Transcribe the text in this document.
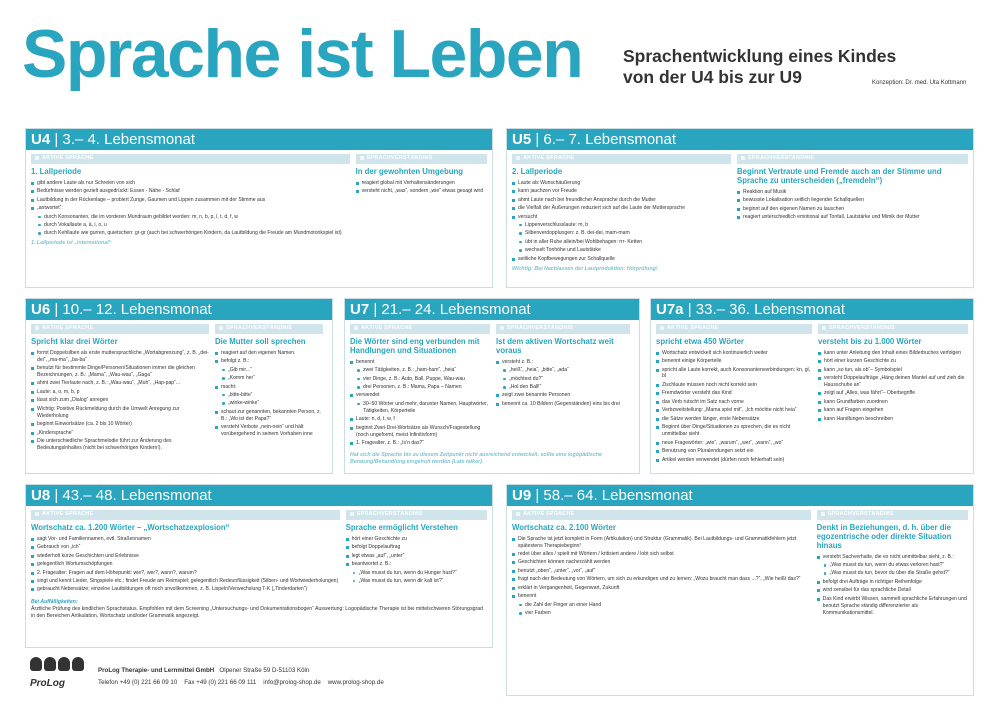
Sprache ist Leben Sprachentwicklung eines Kindes
von der U4 bis zur U9	Konzeption: Dr. med. Uta Kottmann
U4 | 3.– 4. Lebensmonat
AKTIVE SPRACHE
1. Lallperiode
gibt andere Laute als nur Schreien von sich
Bedürfnisse werden gezielt ausgedrückt: Essen - Nähe - Schlaf
Lautbildung in der Rückenlage – probiert Zunge, Gaumen und Lippen zusammen mit der Stimme aus
„antwortet“:
durch Konsonanten, die im vorderen Mundraum gebildet werden: m, n, b, p, l, t, d, f, w
durch Vokallaute a, ä, i, o, u
durch Kehllaute wie gurren, quietschen: gr-gr (auch bei schwerhörigen Kindern, da Lautbildung die Freude am Mundmotorikspiel ist)
1. Lallperiode ist „international“
SPRACHVERSTÄNDNIS
In der gewohnten Umgebung
reagiert global mit Verhaltensänderungen
versteht nicht, „was“, sondern „wie“ etwas gesagt wird
U5 | 6.– 7. Lebensmonat
AKTIVE SPRACHE
2. Lallperiode
Laute als Wunschäußerung
kann jauchzen vor Freude
ahmt Laute nach bei freundlicher Ansprache durch die Mutter
die Vielfalt der Äußerungen reduziert sich auf die Laute der Muttersprache
versucht
Lippenverschlusslaute: m, b
Silbenverdopplungen: z. B. dei-dei, mam-mam
übt in aller Ruhe allein/bei Wohlbehagen: rrr- Ketten
wechselt Tonhöhe und Lautstärke
seitliche Kopfbewegungen zur Schallquelle
Wichtig: Bei Nachlassen der Lautproduktion: Hörprüfung!
SPRACHVERSTÄNDNIS
Beginnt Vertraute und Fremde auch an der Stimme und Sprache zu unterscheiden („fremdeln“)
Reaktion auf Musik
bewusste Lokalisation seitlich liegender Schallquellen
beginnt auf den eigenen Namen zu lauschen
reagiert unterschiedlich emotional auf Tonfall, Lautstärke und Mimik der Mutter
U6 | 10.– 12. Lebensmonat
AKTIVE SPRACHE
Spricht klar drei Wörter
formt Doppelsilben als erste muttersprachliche „Wortabgrenzung“, z. B. „dei-dei“, „ma-ma“, „ba-ba“
benutzt für bestimmte Dinge/Personen/Situationen immer die gleichen Bezeichnungen, z. B.: „Mama“, „Wau-wau“, „Gaga“
ahmt zwei Tierlaute nach, z. B.: „Wau-wau“, „Muh“, „Hap-pap“...
Laute: a, o, m, b, p
lässt sich zum „Dialog“ anregen
Wichtig: Positive Rückmeldung durch die Umwelt Anregung zur Wiederholung
beginnt Einwortsätze (ca. 2 bis 10 Wörter)
„Kindersprache“
Die unterschiedliche Sprachmelodie führt zur Änderung des Bedeutungsinhaltes (nicht bei schwerhörigen Kindern!).
SPRACHVERSTÄNDNIS
Die Mutter soll sprechen
reagiert auf den eigenen Namen.
befolgt z. B.:
„Gib mir...“
„Komm her“
macht:
„bitte-bitte“
„winke-winke“
schaut zur genannten, bekannten Person, z. B.: „Wo ist der Papa?“
versteht Verbote „nein-nein“ und hält vorübergehend in seinem Vorhaben inne
U7 | 21.– 24. Lebensmonat
AKTIVE SPRACHE
Die Wörter sind eng verbunden mit Handlungen und Situationen
benennt
zwei Tätigkeiten, z. B.: „ham-ham“, „heia“
vier Dinge, z. B.: Auto, Ball, Puppe, Wau-wau
drei Personen, z. B.: Mama, Papa – Namen
verwendet
30–50 Wörter und mehr, darunter Namen, Hauptwörter, Tätigkeiten, Körperteile
Laute: n, d, t, w, f
beginnt Zwei-Drei-Wortsätze als Wunsch/Fragestellung (noch ungeformt, meist Infinitivform)
1. Fragealter, z. B.: „Is'n das?“
SPRACHVERSTÄNDNIS
Ist dem aktiven Wortschatz weit voraus
versteht z. B.:
„heiß“, „heia“, „bitte“, „ada“
„möchtest du?“
„Hol den Ball!“
zeigt zwei benannte Personen
benennt ca. 10 Bildern (Gegenständen) eins bis drei
Hat sich die Sprache bis zu diesem Zeitpunkt nicht ausreichend entwickelt, sollte eine logopädische Beratung/Behandlung eingeholt werden (Late talker).
U7a | 33.– 36. Lebensmonat
AKTIVE SPRACHE
spricht etwa 450 Wörter
Wortschatz entwickelt sich kontinuierlich weiter
benennt einige Körperteile
spricht alle Laute korrekt, auch Konsonantenverbindungen: kn, gl, bl
Zischlaute müssen noch nicht korrekt sein
Fremdwörter versteht das Kind
das Verb rutscht im Satz nach vorne
Verbzweitstellung: „Mama spiel mit“, „Ich möchte nicht heia“
die Sätze werden länger, erste Nebensätze
Beginnt über Dinge/Situationen zu sprechen, die es nicht unmittelbar sieht
neue Fragewörter: „wie“, „warum“, „wer“, „wann“, „wo“
Benutzung von Pluralendungen setzt ein
Artikel werden verwendet (dürfen noch fehlerhaft sein)
SPRACHVERSTÄNDNIS
versteht bis zu 1.000 Wörter
kann unter Anleitung den Inhalt eines Bilderbuches verfolgen
hört einer kurzen Geschichte zu
kann „so tun, als ob“– Symbolspiel
versteht Doppelaufträge „Häng deinen Mantel auf und zieh die Hausschuhe an“
zeigt auf „Alles, was fährt“– Oberbegriffe
kann Grundfarben zuordnen
kann auf Fragen eingehen
kann Handlungen beschreiben
U8 | 43.– 48. Lebensmonat
AKTIVE SPRACHE
Wortschatz ca. 1.200 Wörter – „Wortschatzexplosion“
sagt Vor- und Familiennamen, evtl. Straßennamen
Gebrauch von „ich“
wiederholt kurze Geschichten und Erlebnisse
gelegentlich Wortumschöpfungen
2. Fragealter: Fragen auf dem Höhepunkt: wie?, wer?, wann?, warum?
singt und kennt Lieder, Singspiele etc.; findet Freude am Reimspiel; gelegentlich Redeunflüssigkeit (Silben- und Wortwiederholungen)
gebraucht Nebensätze; einzelne Lautbildungen oft noch unvollkommen, z. B. Lispeln/Verwechslung T-K („Tinderdarten“)
SPRACHVERSTÄNDNIS
Sprache ermöglicht Verstehen
hört einer Geschichte zu
befolgt Doppelauftrag
legt etwas „auf“, „unter“
beantwortet z. B.:
„Was musst du tun, wenn du Hunger hast?“
„Was musst du tun, wenn dir kalt ist?“
Bei Auffälligkeiten:
Ärztliche Prüfung des kindlichen Sprachstatus. Empfohlen mit dem Screening „Untersuchungs- und Dokumentationsbogen“ Auswertung: Logopädische Therapie ist bei mittelschweren Störungsgrad in den Bereichen Artikulation, Wortschatz und/oder Grammatik angezeigt.
U9 | 58.– 64. Lebensmonat
AKTIVE SPRACHE
Wortschatz ca. 2.100 Wörter
Die Sprache ist jetzt komplett in Form (Artikulation) und Struktur (Grammatik). Bei Lautbildungs- und Grammatikfehlern jetzt spätestens Therapiebeginn!
redet über alles / spielt mit Wörtern / kritisiert andere / lobt sich selbst
Geschichten können nacherzählt werden
benutzt „oben“, „unter“, „vor“, „auf“
fragt nach der Bedeutung von Wörtern, um sich zu erkundigen und zu lernen: „Wozu braucht man dass ...?“, „Wie heißt das?“
erklärt in Vergangenheit, Gegenwart, Zukunft
benennt
die Zahl der Finger an einer Hand
vier Farben
SPRACHVERSTÄNDNIS
Denkt in Beziehungen, d. h. über die egozentrische oder direkte Situation hinaus
versteht Sachverhalte, die es nicht unmittelbar sieht, z. B.:
„Was musst du tun, wenn du etwas verloren hast?“
„Was musst du tun, bevor du über die Straße gehst?“
befolgt drei Aufträge in richtiger Reihenfolge
wird sensibel für das sprachliche Detail
Das Kind erwirbt Wissen, sammelt sprachliche Erfahrungen und benutzt Sprache ständig differenzierter als Kommunikationsmittel.
ProLog
ProLog Therapie- und Lernmittel GmbH Olpener Straße 59 D-51103 Köln
Telefon +49 (0) 221 66 09 10 Fax +49 (0) 221 66 09 111 info@prolog-shop.de www.prolog-shop.de
